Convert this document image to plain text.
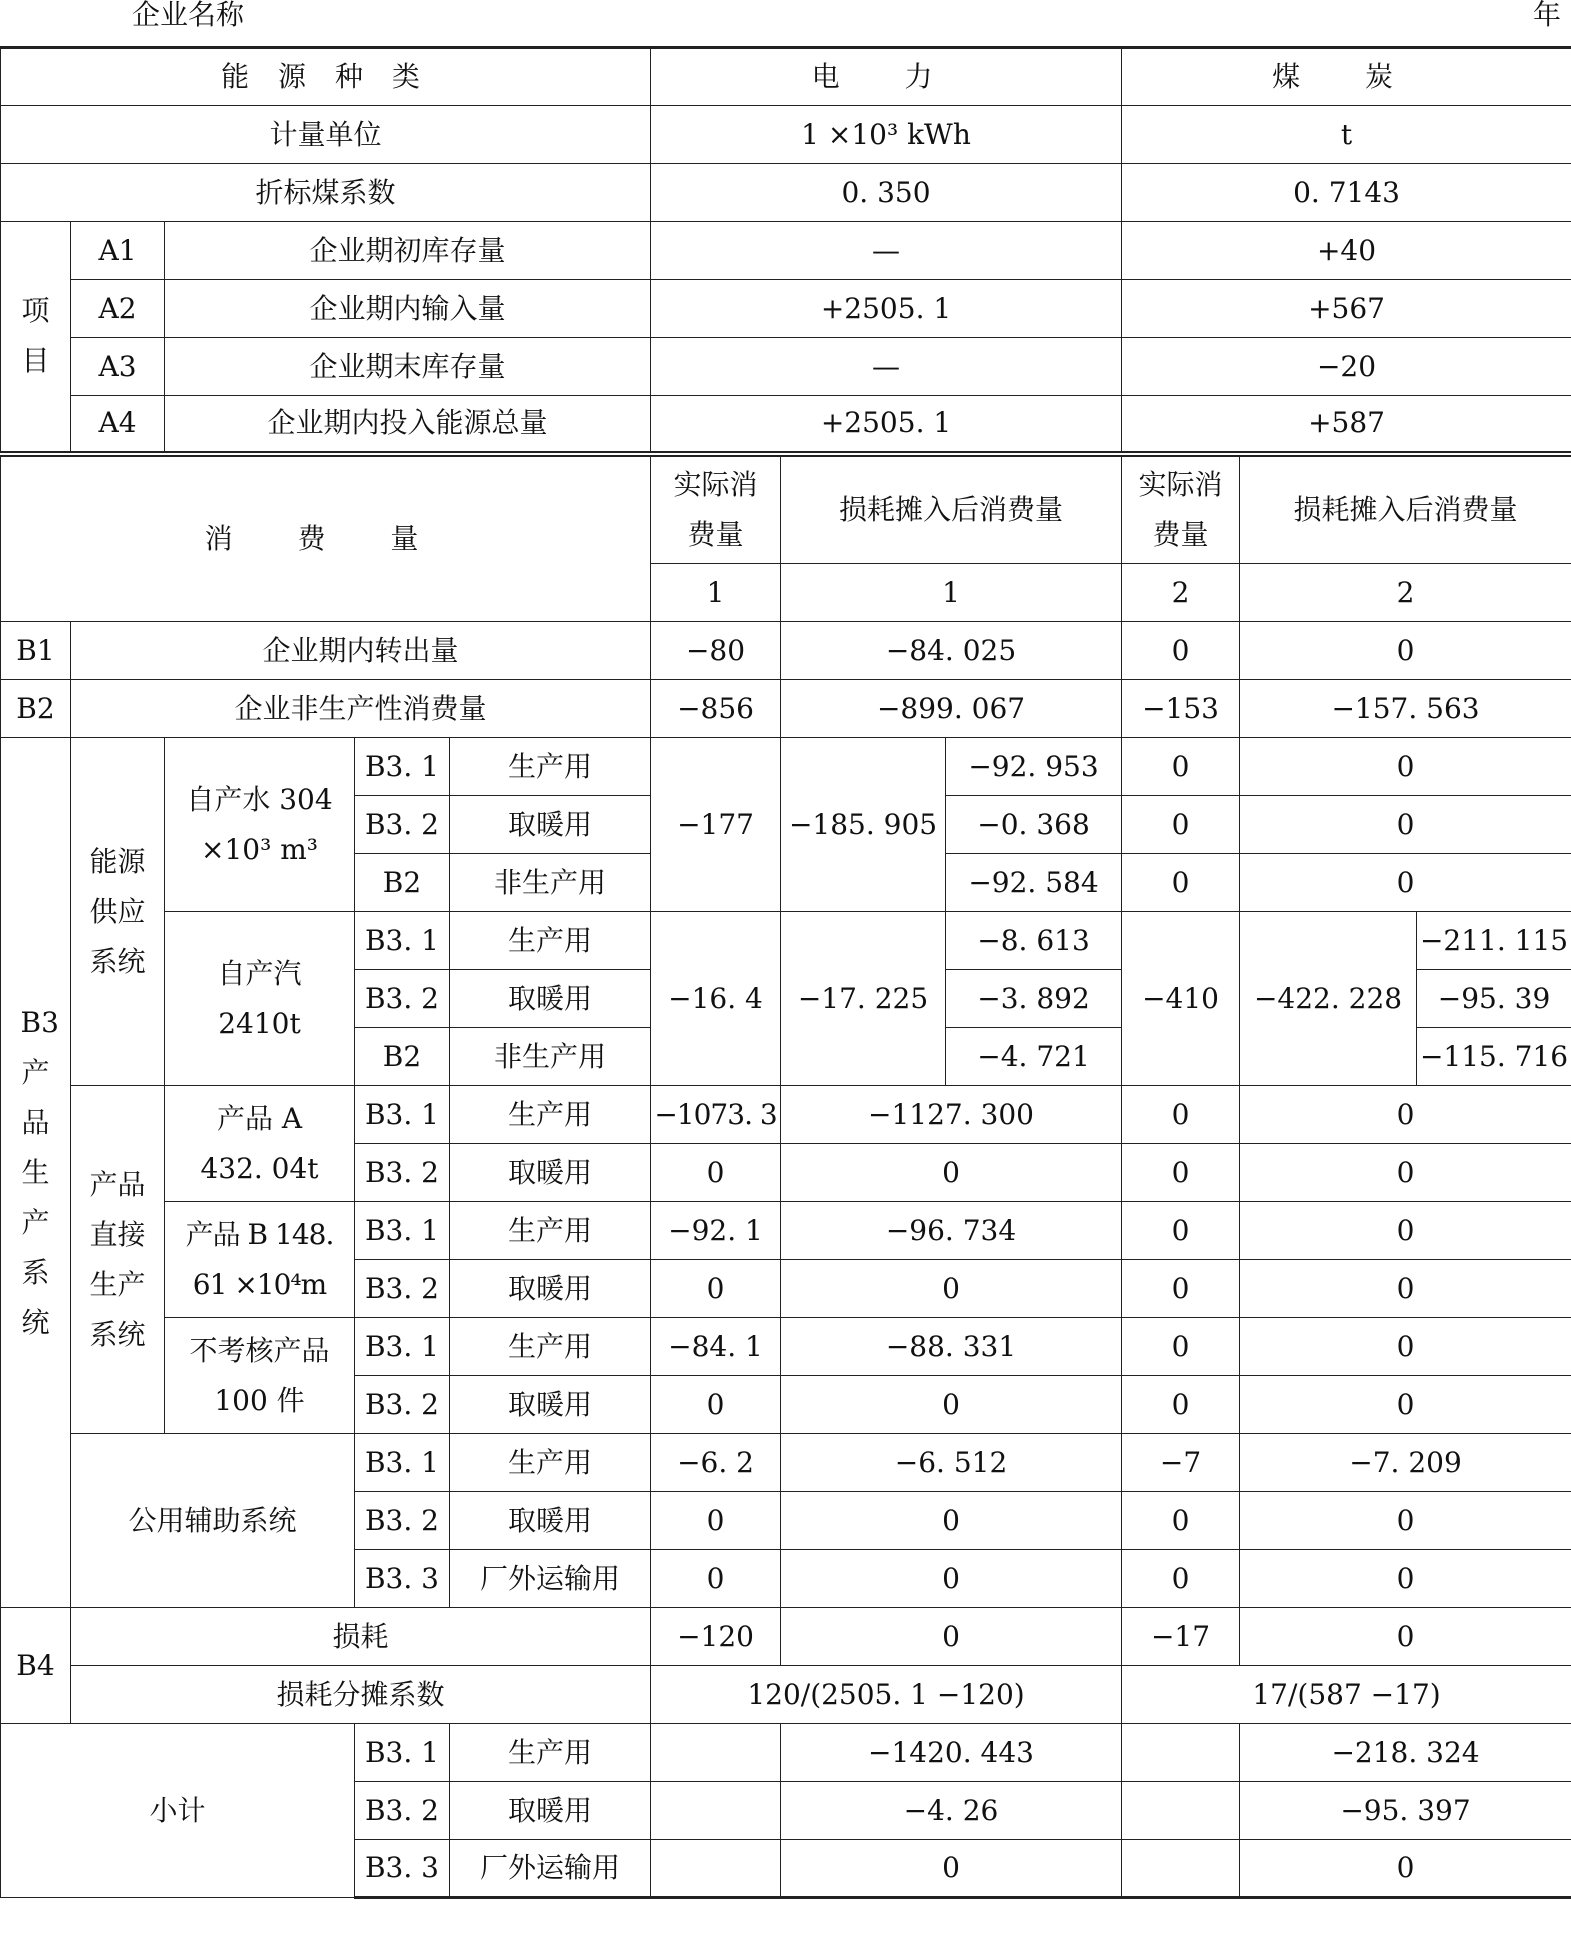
企业名称	年
能 源 种 类					电 力			煤 炭		
计量单位					1 ×10³ kWh			t		
折标煤系数					0. 350			0. 7143		
项目	A1	企业期初库存量			—			+40		
	A2	企业期内输入量			+2505. 1			+567		
	A3	企业期末库存量			—			−20		
	A4	企业期内投入能源总量			+2505. 1			+587		
消 费 量					实际消费量	损耗摊入后消费量		实际消费量	损耗摊入后消费量	
					1	1		2	2	
B1	企业期内转出量				−80	−84. 025		0	0	
B2	企业非生产性消费量				−856	−899. 067		−153	−157. 563	
B3产品生产系统	能源供应系统	自产水 304 ×10³ m³	B3. 1	生产用	−177	−185. 905	−92. 953	0	0	
			B3. 2	取暖用			−0. 368	0	0	
			B2	非生产用			−92. 584	0	0	
		自产汽 2410t	B3. 1	生产用	−16. 4	−17. 225	−8. 613	−410	−422. 228	−211. 115
			B3. 2	取暖用			−3. 892			−95. 39
			B2	非生产用			−4. 721			−115. 716
	产品直接生产系统	产品 A 432. 04t	B3. 1	生产用	−1073. 3	−1127. 300		0	0	
			B3. 2	取暖用	0	0		0	0	
		产品 B 148. 61 ×10⁴m	B3. 1	生产用	−92. 1	−96. 734		0	0	
			B3. 2	取暖用	0	0		0	0	
		不考核产品 100 件	B3. 1	生产用	−84. 1	−88. 331		0	0	
			B3. 2	取暖用	0	0		0	0	
	公用辅助系统		B3. 1	生产用	−6. 2	−6. 512		−7	−7. 209	
			B3. 2	取暖用	0	0		0	0	
			B3. 3	厂外运输用	0	0		0	0	
B4	损耗				−120	0		−17	0	
	损耗分摊系数				120/(2505. 1 −120)			17/(587 −17)		
小计			B3. 1	生产用		−1420. 443			−218. 324	
			B3. 2	取暖用		−4. 26			−95. 397	
			B3. 3	厂外运输用		0			0	
